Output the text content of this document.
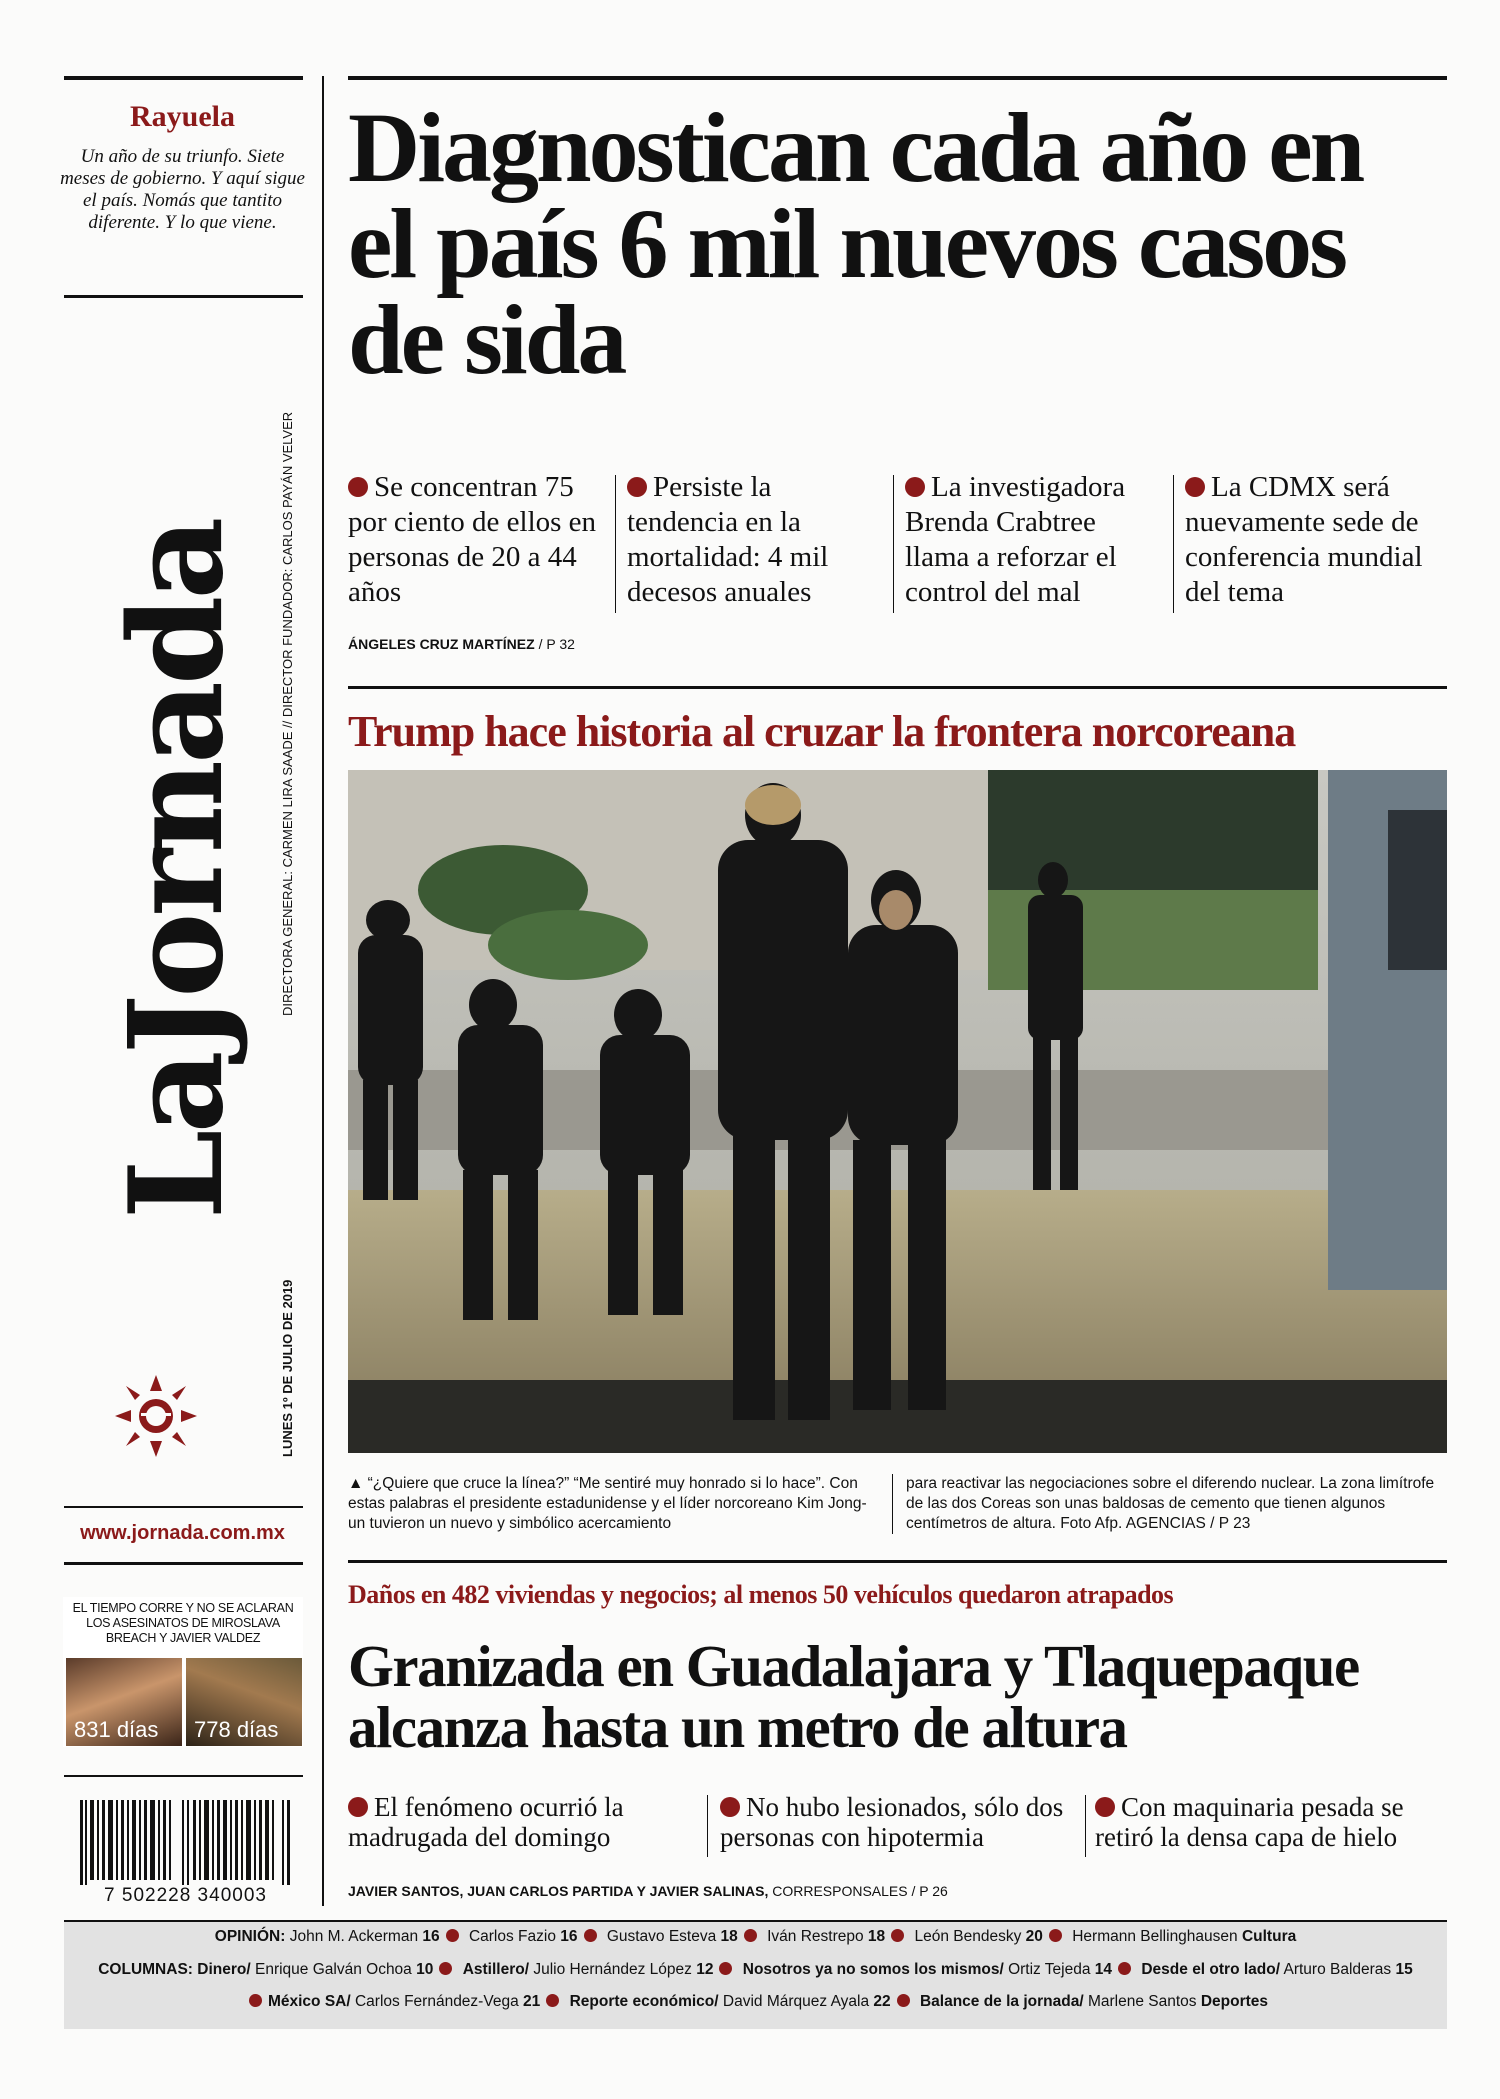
Rayuela
Un año de su triunfo. Siete meses de gobierno. Y aquí sigue el país. Nomás que tantito diferente. Y lo que viene.
LaJornada DIRECTORA GENERAL: CARMEN LIRA SAADE // DIRECTOR FUNDADOR: CARLOS PAYÁN VELVER
LUNES 1º DE JULIO DE 2019
www.jornada.com.mx
EL TIEMPO CORRE Y NO SE ACLARAN LOS ASESINATOS DE MIROSLAVA BREACH Y JAVIER VALDEZ
831 días 778 días
7 502228 340003
Diagnostican cada año en el país 6 mil nuevos casos de sida
Se concentran 75 por ciento de ellos en personas de 20 a 44 años
Persiste la tendencia en la mortalidad: 4 mil decesos anuales
La investigadora Brenda Crabtree llama a reforzar el control del mal
La CDMX será nuevamente sede de conferencia mundial del tema
ÁNGELES CRUZ MARTÍNEZ / P 32
Trump hace historia al cruzar la frontera norcoreana
▲ “¿Quiere que cruce la línea?” “Me sentiré muy honrado si lo hace”. Con estas palabras el presidente estadunidense y el líder norcoreano Kim Jong-un tuvieron un nuevo y simbólico acercamiento
para reactivar las negociaciones sobre el diferendo nuclear. La zona limítrofe de las dos Coreas son unas baldosas de cemento que tienen algunos centímetros de altura. Foto Afp. AGENCIAS / P 23
Daños en 482 viviendas y negocios; al menos 50 vehículos quedaron atrapados
Granizada en Guadalajara y Tlaquepaque alcanza hasta un metro de altura
El fenómeno ocurrió la madrugada del domingo
No hubo lesionados, sólo dos personas con hipotermia
Con maquinaria pesada se retiró la densa capa de hielo
JAVIER SANTOS, JUAN CARLOS PARTIDA Y JAVIER SALINAS, CORRESPONSALES / P 26
OPINIÓN: John M. Ackerman 16 Carlos Fazio 16 Gustavo Esteva 18 Iván Restrepo 18 León Bendesky 20 Hermann Bellinghausen Cultura
COLUMNAS: Dinero/ Enrique Galván Ochoa 10 Astillero/ Julio Hernández López 12 Nosotros ya no somos los mismos/ Ortiz Tejeda 14 Desde el otro lado/ Arturo Balderas 15
México SA/ Carlos Fernández-Vega 21 Reporte económico/ David Márquez Ayala 22 Balance de la jornada/ Marlene Santos Deportes
